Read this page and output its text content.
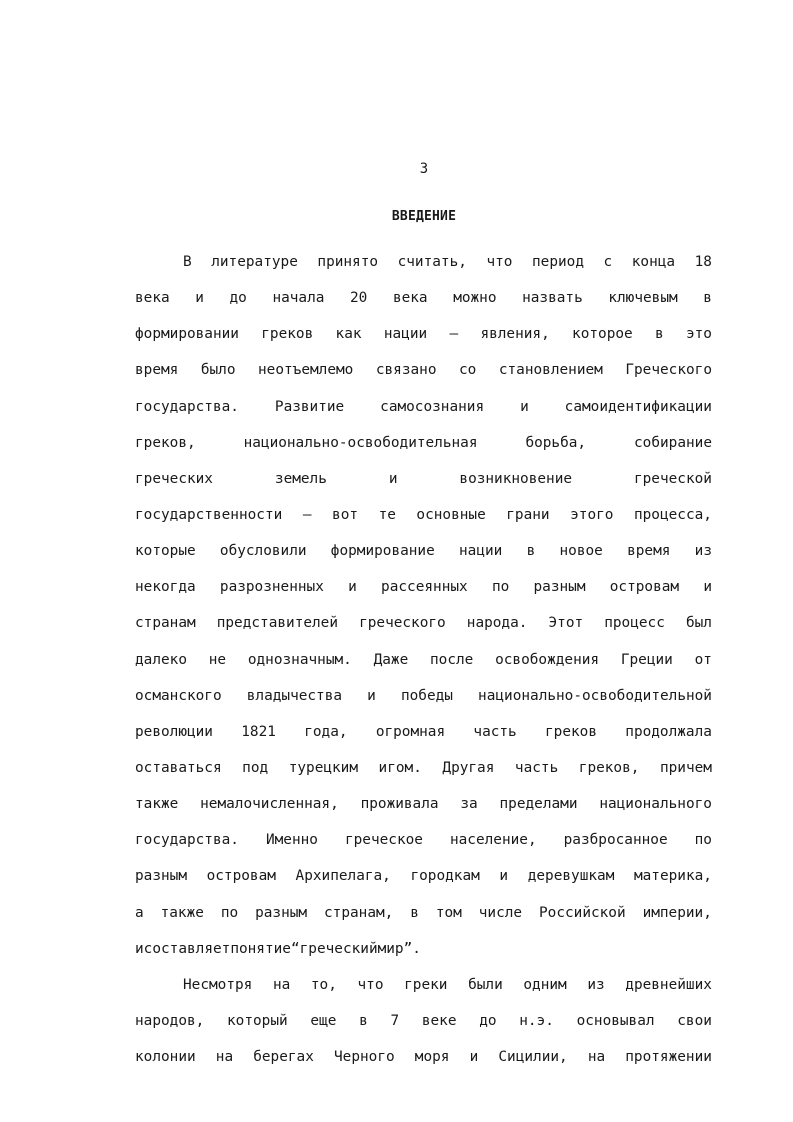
3
ВВЕДЕНИЕ
В литературе принято считать, что период с конца 18
века и до начала 20 века можно назвать ключевым в
формировании греков как нации – явления, которое в это
время было неотъемлемо связано со становлением Греческого
государства. Развитие самосознания и самоидентификации
греков,	национально-освободительная	борьба,	собирание
греческих	земель	и	возникновение	греческой
государственности – вот те основные грани этого процесса,
которые обусловили формирование нации в новое время из
некогда разрозненных и рассеянных по разным островам и
странам представителей греческого народа. Этот процесс был
далеко не однозначным. Даже после освобождения Греции от
османского владычества и победы национально-освободительной
революции 1821 года, огромная часть греков продолжала
оставаться под турецким игом. Другая часть греков, причем
также немалочисленная, проживала за пределами национального
государства. Именно греческое население, разбросанное по
разным островам Архипелага, городкам и деревушкам материка,
а также по разным странам, в том числе Российской империи,
и составляет понятие “греческий мир”.
Несмотря на то, что греки были одним из древнейших
народов, который еще в 7 веке до н.э. основывал свои
колонии на берегах Черного моря и Сицилии, на протяжении
